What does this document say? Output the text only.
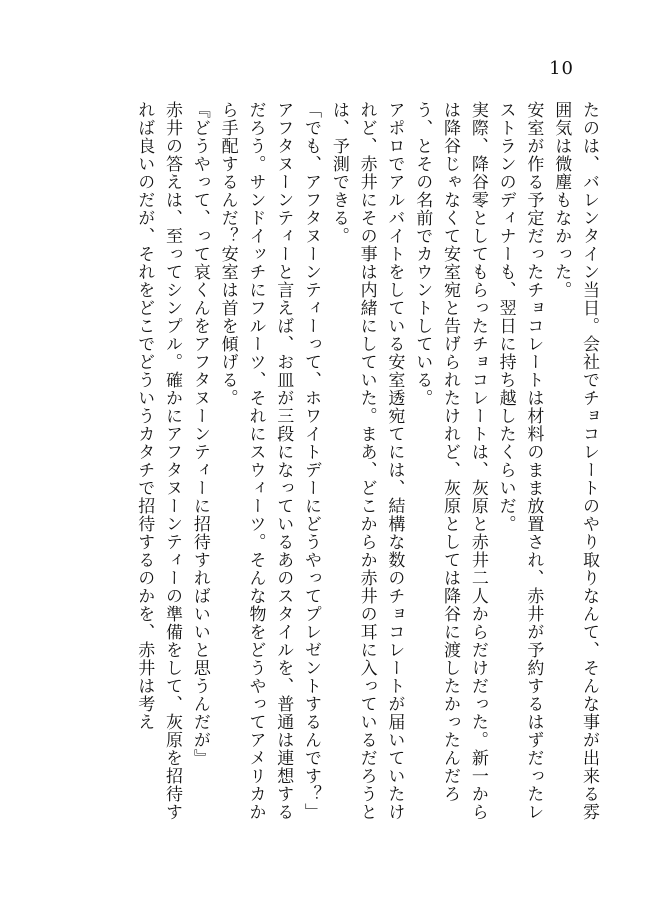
10

たのは、バレンタイン当日。会社でチョコレートのやり取りなんて、そんな事が出来る雰囲気は微塵もなかった。

安室が作る予定だったチョコレートは材料のまま放置され、赤井が予約するはずだったレストランのディナーも、翌日に持ち越したくらいだ。

実際、降谷零としてもらったチョコレートは、灰原と赤井二人からだけだった。新一からは降谷じゃなくて安室宛と告げられたけれど、灰原としては降谷に渡したかったんだろう、とその名前でカウントしている。

アポロでアルバイトをしている安室透宛てには、結構な数のチョコレートが届いていたけれど、赤井にその事は内緒にしていた。まあ、どこからか赤井の耳に入っているだろうとは、予測できる。

「でも、アフタヌーンティーって、ホワイトデーにどうやってプレゼントするんです？」

アフタヌーンティーと言えば、お皿が三段になっているあのスタイルを、普通は連想するだろう。サンドイッチにフルーツ、それにスウィーツ。そんな物をどうやってアメリカから手配するんだ？安室は首を傾げる。

『どうやって、って哀くんをアフタヌーンティーに招待すればいいと思うんだが』

赤井の答えは、至ってシンプル。確かにアフタヌーンティーの準備をして、灰原を招待すれば良いのだが、それをどこでどういうカタチで招待するのかを、赤井は考え
